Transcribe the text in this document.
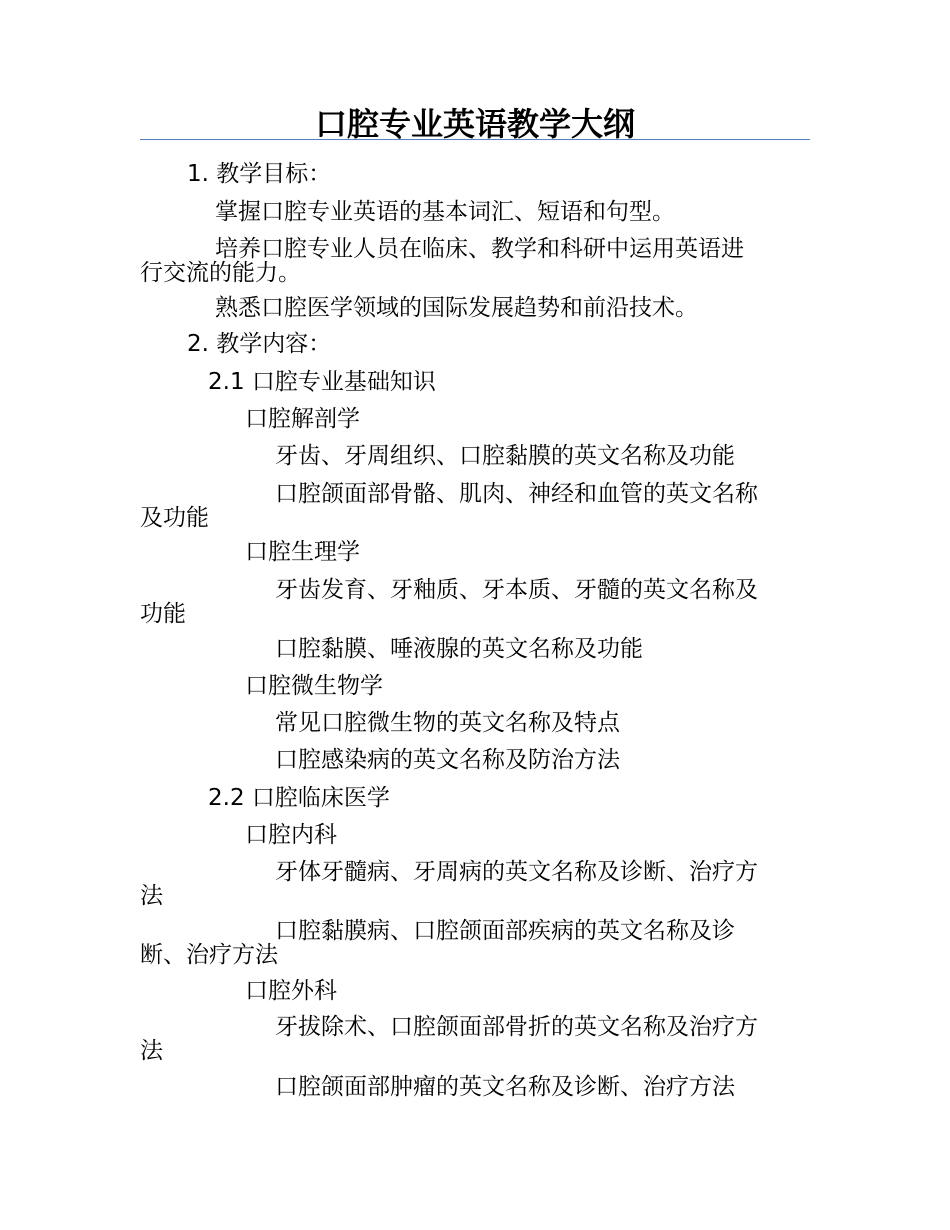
口腔专业英语教学大纲
1. 教学目标：
掌握口腔专业英语的基本词汇、短语和句型。
培养口腔专业人员在临床、教学和科研中运用英语进
行交流的能力。
熟悉口腔医学领域的国际发展趋势和前沿技术。
2. 教学内容：
2.1 口腔专业基础知识
口腔解剖学
牙齿、牙周组织、口腔黏膜的英文名称及功能
口腔颌面部骨骼、肌肉、神经和血管的英文名称
及功能
口腔生理学
牙齿发育、牙釉质、牙本质、牙髓的英文名称及
功能
口腔黏膜、唾液腺的英文名称及功能
口腔微生物学
常见口腔微生物的英文名称及特点
口腔感染病的英文名称及防治方法
2.2 口腔临床医学
口腔内科
牙体牙髓病、牙周病的英文名称及诊断、治疗方
法
口腔黏膜病、口腔颌面部疾病的英文名称及诊
断、治疗方法
口腔外科
牙拔除术、口腔颌面部骨折的英文名称及治疗方
法
口腔颌面部肿瘤的英文名称及诊断、治疗方法
